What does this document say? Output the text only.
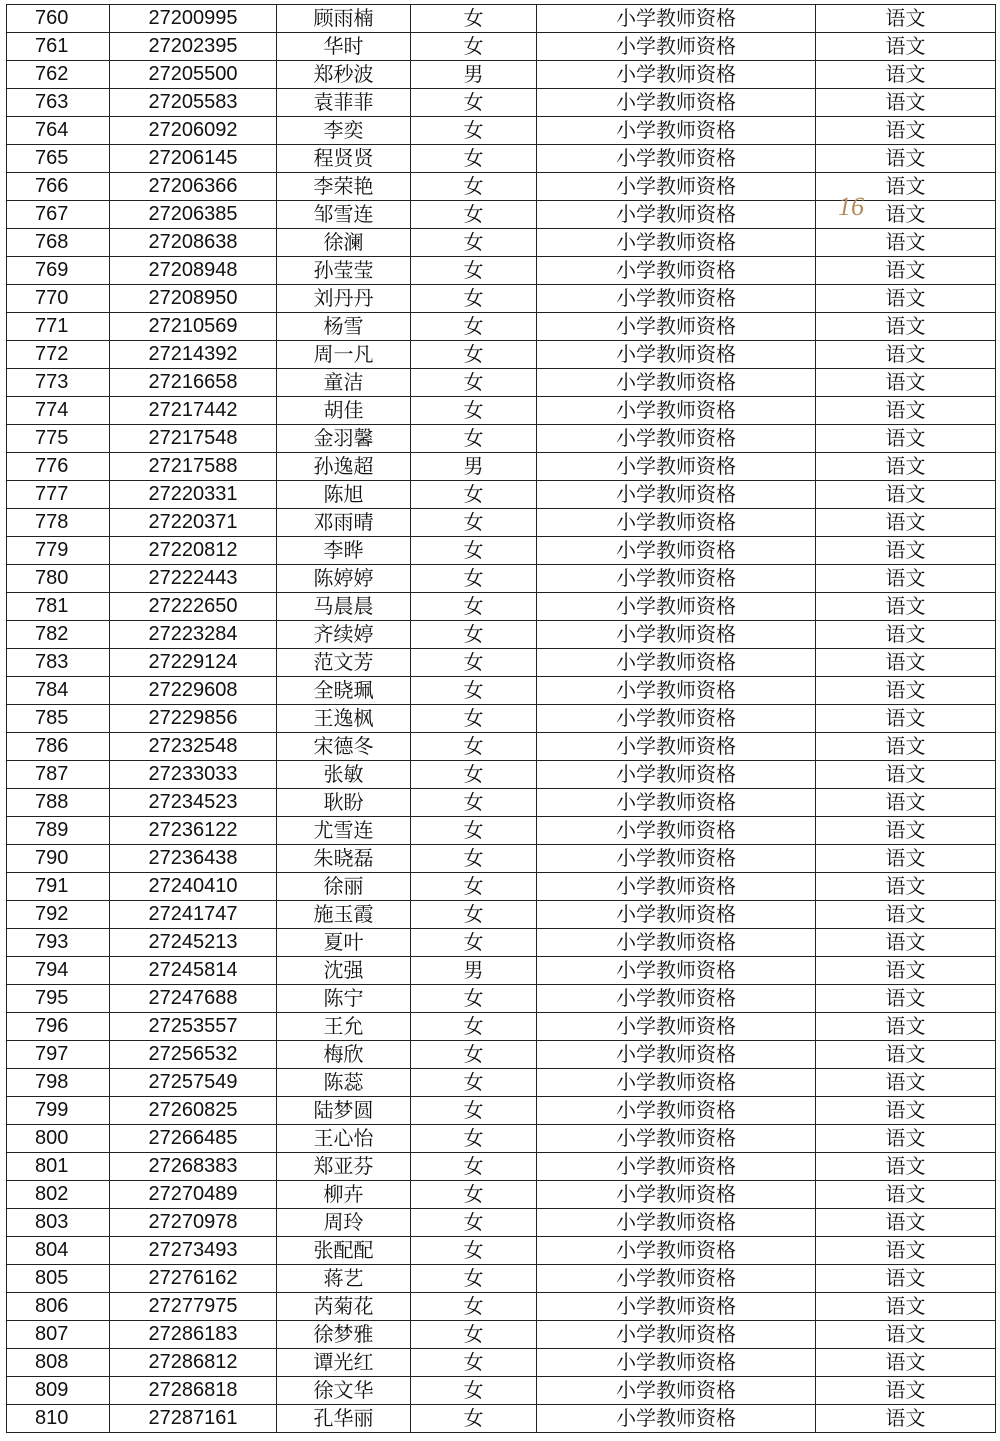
760	27200995	顾雨楠	女	小学教师资格	语文
761	27202395	华时	女	小学教师资格	语文
762	27205500	郑秒波	男	小学教师资格	语文
763	27205583	袁菲菲	女	小学教师资格	语文
764	27206092	李奕	女	小学教师资格	语文
765	27206145	程贤贤	女	小学教师资格	语文
766	27206366	李荣艳	女	小学教师资格	语文
767	27206385	邹雪连	女	小学教师资格	语文
768	27208638	徐澜	女	小学教师资格	语文
769	27208948	孙莹莹	女	小学教师资格	语文
770	27208950	刘丹丹	女	小学教师资格	语文
771	27210569	杨雪	女	小学教师资格	语文
772	27214392	周一凡	女	小学教师资格	语文
773	27216658	童洁	女	小学教师资格	语文
774	27217442	胡佳	女	小学教师资格	语文
775	27217548	金羽馨	女	小学教师资格	语文
776	27217588	孙逸超	男	小学教师资格	语文
777	27220331	陈旭	女	小学教师资格	语文
778	27220371	邓雨晴	女	小学教师资格	语文
779	27220812	李晔	女	小学教师资格	语文
780	27222443	陈婷婷	女	小学教师资格	语文
781	27222650	马晨晨	女	小学教师资格	语文
782	27223284	齐续婷	女	小学教师资格	语文
783	27229124	范文芳	女	小学教师资格	语文
784	27229608	全晓珮	女	小学教师资格	语文
785	27229856	王逸枫	女	小学教师资格	语文
786	27232548	宋德冬	女	小学教师资格	语文
787	27233033	张敏	女	小学教师资格	语文
788	27234523	耿盼	女	小学教师资格	语文
789	27236122	尤雪连	女	小学教师资格	语文
790	27236438	朱晓磊	女	小学教师资格	语文
791	27240410	徐丽	女	小学教师资格	语文
792	27241747	施玉霞	女	小学教师资格	语文
793	27245213	夏叶	女	小学教师资格	语文
794	27245814	沈强	男	小学教师资格	语文
795	27247688	陈宁	女	小学教师资格	语文
796	27253557	王允	女	小学教师资格	语文
797	27256532	梅欣	女	小学教师资格	语文
798	27257549	陈蕊	女	小学教师资格	语文
799	27260825	陆梦圆	女	小学教师资格	语文
800	27266485	王心怡	女	小学教师资格	语文
801	27268383	郑亚芬	女	小学教师资格	语文
802	27270489	柳卉	女	小学教师资格	语文
803	27270978	周玲	女	小学教师资格	语文
804	27273493	张配配	女	小学教师资格	语文
805	27276162	蒋艺	女	小学教师资格	语文
806	27277975	芮菊花	女	小学教师资格	语文
807	27286183	徐梦雅	女	小学教师资格	语文
808	27286812	谭光红	女	小学教师资格	语文
809	27286818	徐文华	女	小学教师资格	语文
810	27287161	孔华丽	女	小学教师资格	语文
16
